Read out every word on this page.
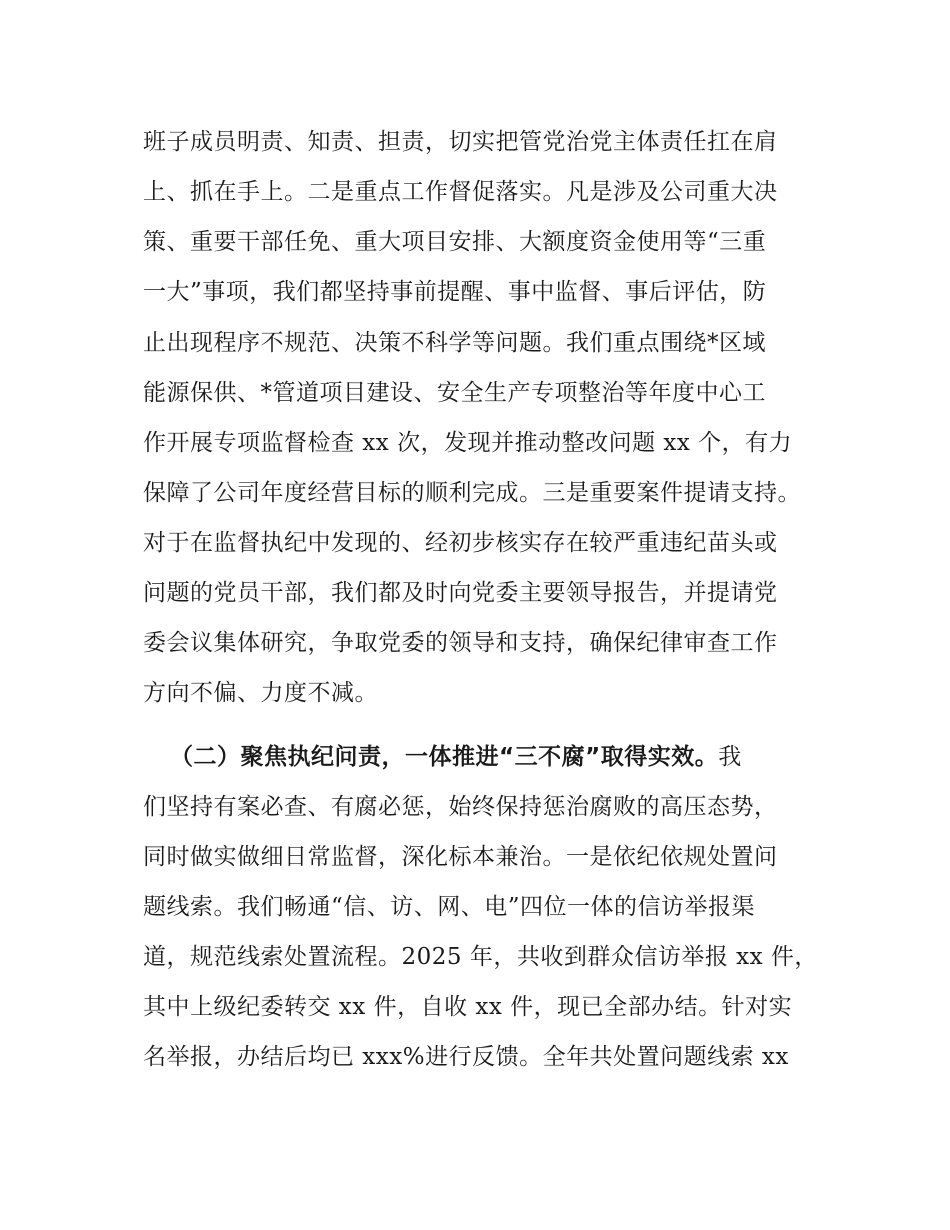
班子成员明责、知责、担责，切实把管党治党主体责任扛在肩
上、抓在手上。二是重点工作督促落实。凡是涉及公司重大决
策、重要干部任免、重大项目安排、大额度资金使用等“三重
一大”事项，我们都坚持事前提醒、事中监督、事后评估，防
止出现程序不规范、决策不科学等问题。我们重点围绕*区域
能源保供、*管道项目建设、安全生产专项整治等年度中心工
作开展专项监督检查 xx 次，发现并推动整改问题 xx 个，有力
保障了公司年度经营目标的顺利完成。三是重要案件提请支持。
对于在监督执纪中发现的、经初步核实存在较严重违纪苗头或
问题的党员干部，我们都及时向党委主要领导报告，并提请党
委会议集体研究，争取党委的领导和支持，确保纪律审查工作
方向不偏、力度不减。
（二）聚焦执纪问责，一体推进“三不腐”取得实效。我
们坚持有案必查、有腐必惩，始终保持惩治腐败的高压态势，
同时做实做细日常监督，深化标本兼治。一是依纪依规处置问
题线索。我们畅通“信、访、网、电”四位一体的信访举报渠
道，规范线索处置流程。2025 年，共收到群众信访举报 xx 件，
其中上级纪委转交 xx 件，自收 xx 件，现已全部办结。针对实
名举报，办结后均已 xxx%进行反馈。全年共处置问题线索 xx
